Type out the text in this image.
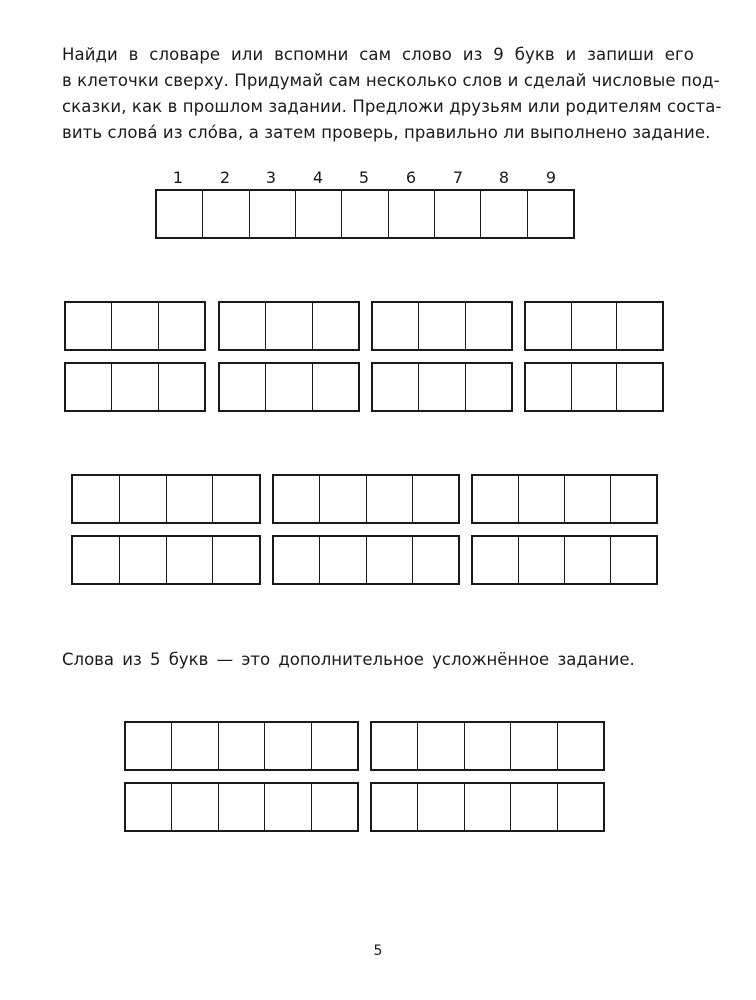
Найди в словаре или вспомни сам слово из 9 букв и запиши его
в клеточки сверху. Придумай сам несколько слов и сделай числовые под-
сказки, как в прошлом задании. Предложи друзьям или родителям соста-
вить слова́ из сло́ва, а затем проверь, правильно ли выполнено задание.
1	2	3	4	5	6	7	8	9
Слова из 5 букв — это дополнительное усложнённое задание.
5
